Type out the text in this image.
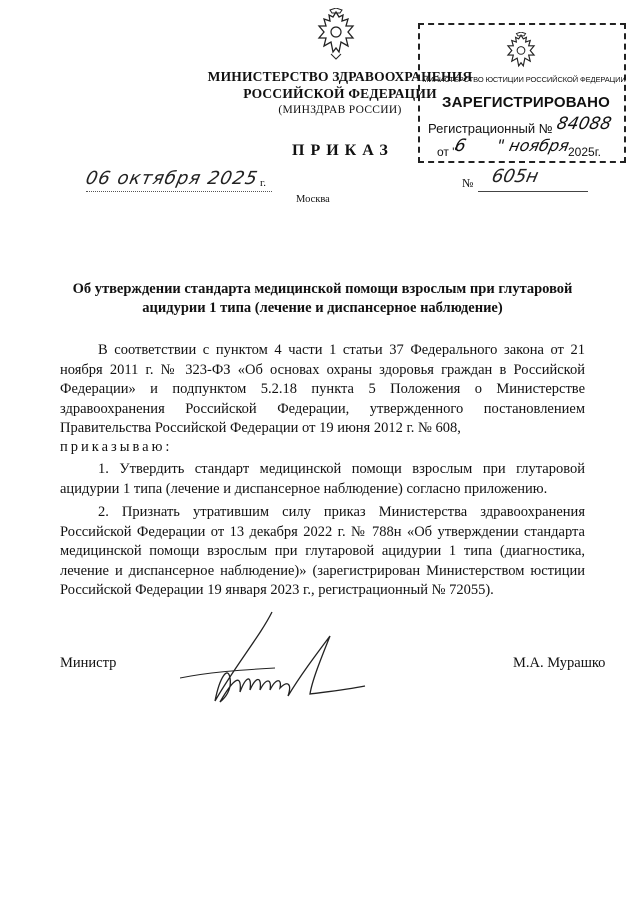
МИНИСТЕРСТВО ЗДРАВООХРАНЕНИЯ
РОССИЙСКОЙ ФЕДЕРАЦИИ
(МИНЗДРАВ РОССИИ)
ПРИКАЗ
06 октября 2025 г.	№ 605н
Москва
МИНИСТЕРСТВО ЮСТИЦИИ РОССИЙСКОЙ ФЕДЕРАЦИИ
ЗАРЕГИСТРИРОВАНО
Регистрационный № 84088
от "
6 " ноября
2025г.
Об утверждении стандарта медицинской помощи взрослым при глутаровой
ацидурии 1 типа (лечение и диспансерное наблюдение)
В соответствии с пунктом 4 части 1 статьи 37 Федерального закона от 21 ноября 2011 г. № 323-ФЗ «Об основах охраны здоровья граждан в Российской Федерации» и подпунктом 5.2.18 пункта 5 Положения о Министерстве здравоохранения Российской Федерации, утвержденного постановлением Правительства Российской Федерации от 19 июня 2012 г. № 608,
приказываю:
1. Утвердить стандарт медицинской помощи взрослым при глутаровой ацидурии 1 типа (лечение и диспансерное наблюдение) согласно приложению.
2. Признать утратившим силу приказ Министерства здравоохранения Российской Федерации от 13 декабря 2022 г. № 788н «Об утверждении стандарта медицинской помощи взрослым при глутаровой ацидурии 1 типа (диагностика, лечение и диспансерное наблюдение)» (зарегистрирован Министерством юстиции Российской Федерации 19 января 2023 г., регистрационный № 72055).
Министр	М.А. Мурашко
